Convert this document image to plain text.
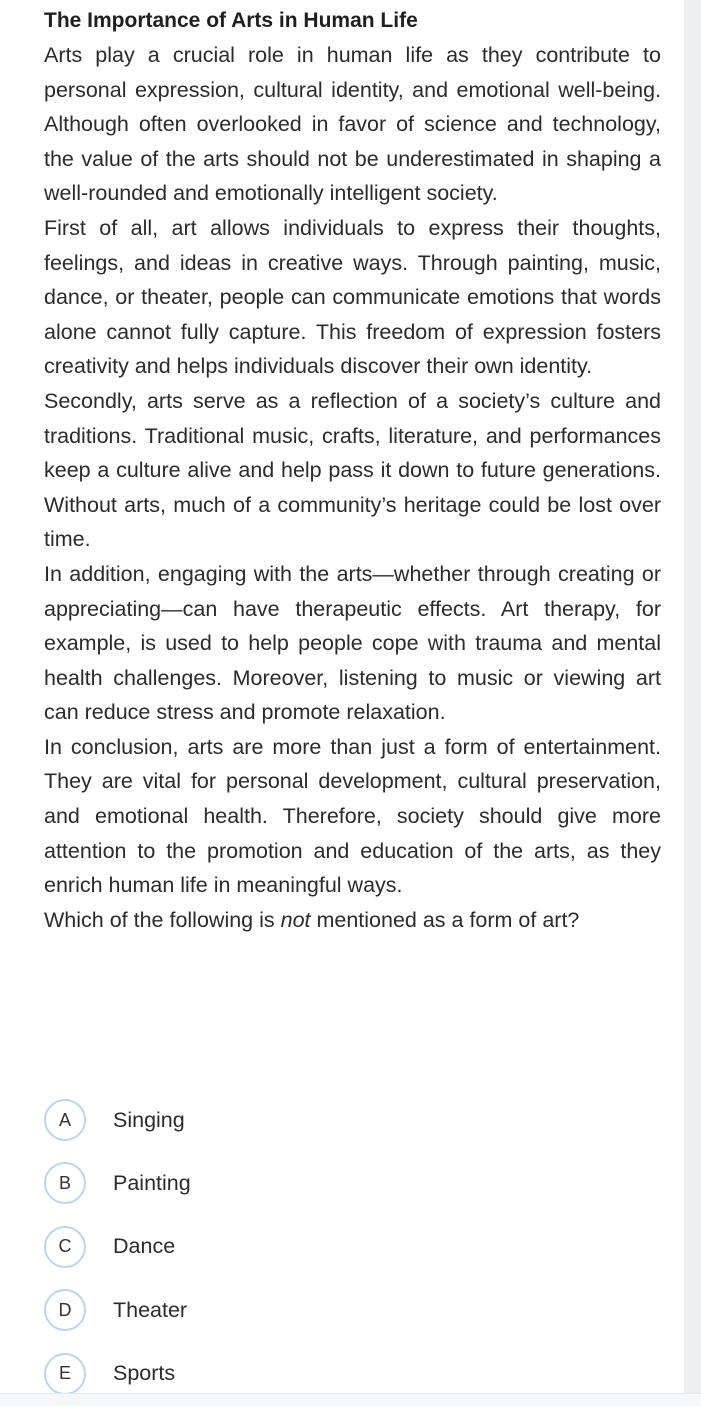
The Importance of Arts in Human Life

Arts play a crucial role in human life as they contribute to personal expression, cultural identity, and emotional well-being. Although often overlooked in favor of science and technology, the value of the arts should not be underestimated in shaping a well-rounded and emotionally intelligent society.

First of all, art allows individuals to express their thoughts, feelings, and ideas in creative ways. Through painting, music, dance, or theater, people can communicate emotions that words alone cannot fully capture. This freedom of expression fosters creativity and helps individuals discover their own identity.

Secondly, arts serve as a reflection of a society’s culture and traditions. Traditional music, crafts, literature, and performances keep a culture alive and help pass it down to future generations. Without arts, much of a community’s heritage could be lost over time.

In addition, engaging with the arts—whether through creating or appreciating—can have therapeutic effects. Art therapy, for example, is used to help people cope with trauma and mental health challenges. Moreover, listening to music or viewing art can reduce stress and promote relaxation.

In conclusion, arts are more than just a form of entertainment. They are vital for personal development, cultural preservation, and emotional health. Therefore, society should give more attention to the promotion and education of the arts, as they enrich human life in meaningful ways.

Which of the following is not mentioned as a form of art?

A	Singing
B	Painting
C	Dance
D	Theater
E	Sports
